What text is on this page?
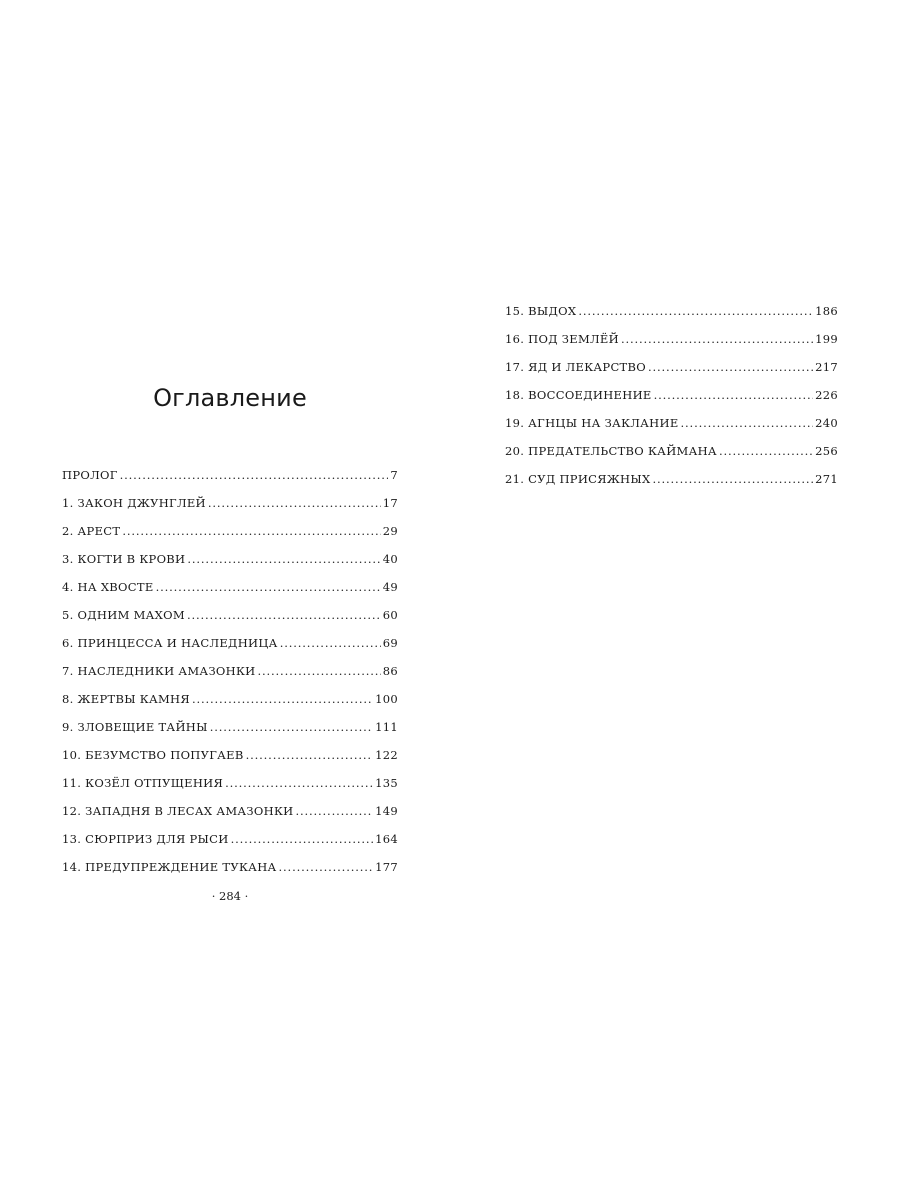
Оглавление
ПРОЛОГ . . .	7
1. ЗАКОН ДЖУНГЛЕЙ . . .	17
2. АРЕСТ . . .	29
3. КОГТИ В КРОВИ . . .	40
4. НА ХВОСТЕ . . .	49
5. ОДНИМ МАХОМ . . .	60
6. ПРИНЦЕССА И НАСЛЕДНИЦА . . .	69
7. НАСЛЕДНИКИ АМАЗОНКИ . . .	86
8. ЖЕРТВЫ КАМНЯ . . .	100
9. ЗЛОВЕЩИЕ ТАЙНЫ . . .	111
10. БЕЗУМСТВО ПОПУГАЕВ . . .	122
11. КОЗЁЛ ОТПУЩЕНИЯ . . .	135
12. ЗАПАДНЯ В ЛЕСАХ АМАЗОНКИ . . .	149
13. СЮРПРИЗ ДЛЯ РЫСИ . . .	164
14. ПРЕДУПРЕЖДЕНИЕ ТУКАНА . . .	177
· 284 ·
15. ВЫДОХ . . .	186
16. ПОД ЗЕМЛЁЙ . . .	199
17. ЯД И ЛЕКАРСТВО . . .	217
18. ВОССОЕДИНЕНИЕ . . .	226
19. АГНЦЫ НА ЗАКЛАНИЕ . . .	240
20. ПРЕДАТЕЛЬСТВО КАЙМАНА . . .	256
21. СУД ПРИСЯЖНЫХ . . .	271
